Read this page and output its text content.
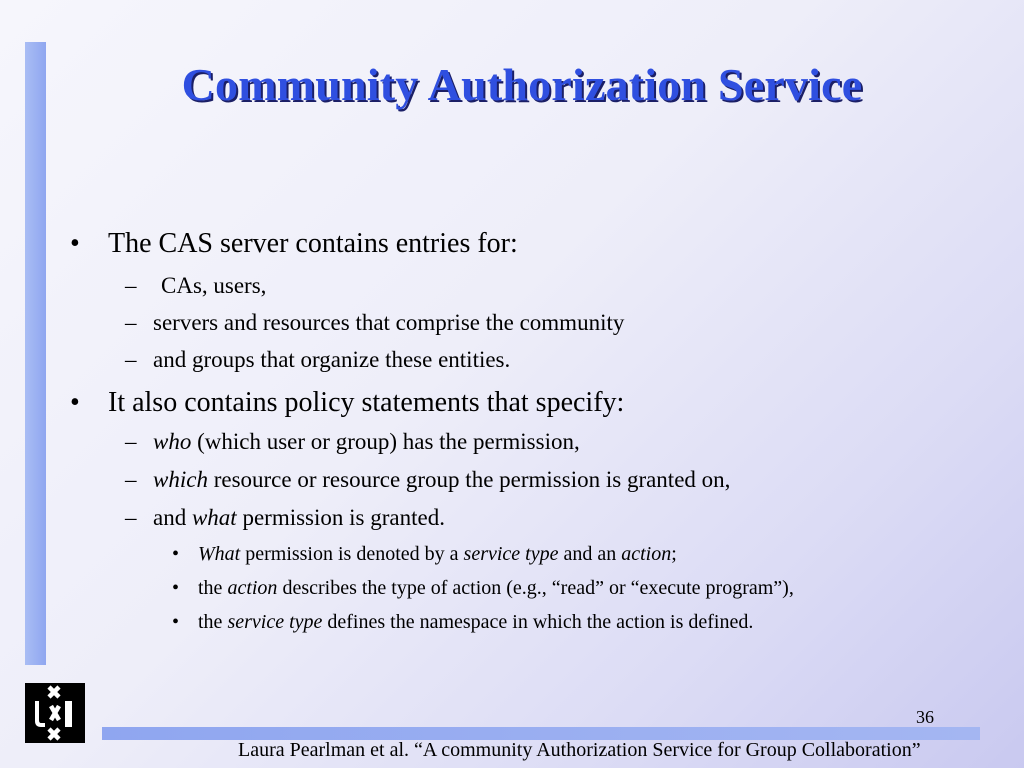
Community Authorization Service
• The CAS server contains entries for:
– CAs, users,
– servers and resources that comprise the community
– and groups that organize these entities.
• It also contains policy statements that specify:
– who (which user or group) has the permission,
– which resource or resource group the permission is granted on,
– and what permission is granted.
• What permission is denoted by a service type and an action;
• the action describes the type of action (e.g., “read” or “execute program”),
• the service type defines the namespace in which the action is defined.
36
Laura Pearlman et al. “A community Authorization Service for Group Collaboration”
